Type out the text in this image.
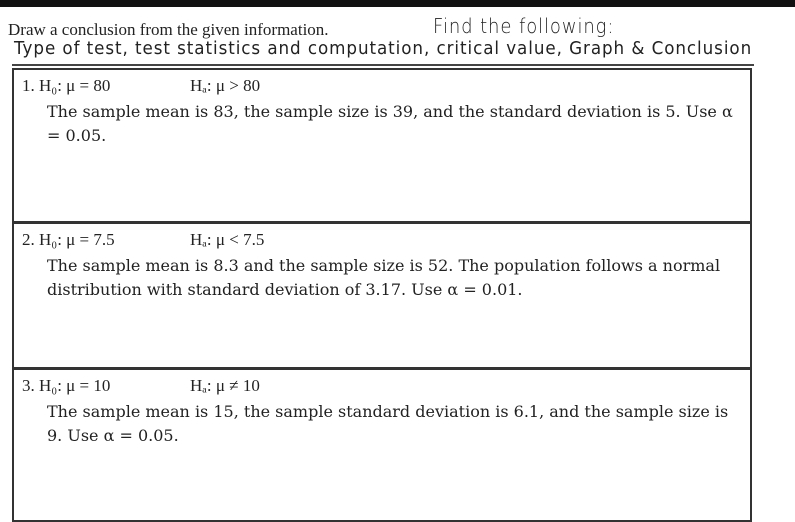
Draw a conclusion from the given information.	Find the following:
Type of test, test statistics and computation, critical value, Graph & Conclusion
1. H₀: μ = 80	Hₐ: μ > 80
The sample mean is 83, the sample size is 39, and the standard deviation is 5. Use α = 0.05.
2. H₀: μ = 7.5	Hₐ: μ < 7.5
The sample mean is 8.3 and the sample size is 52. The population follows a normal distribution with standard deviation of 3.17. Use α = 0.01.
3. H₀: μ = 10	Hₐ: μ ≠ 10
The sample mean is 15, the sample standard deviation is 6.1, and the sample size is 9. Use α = 0.05.
